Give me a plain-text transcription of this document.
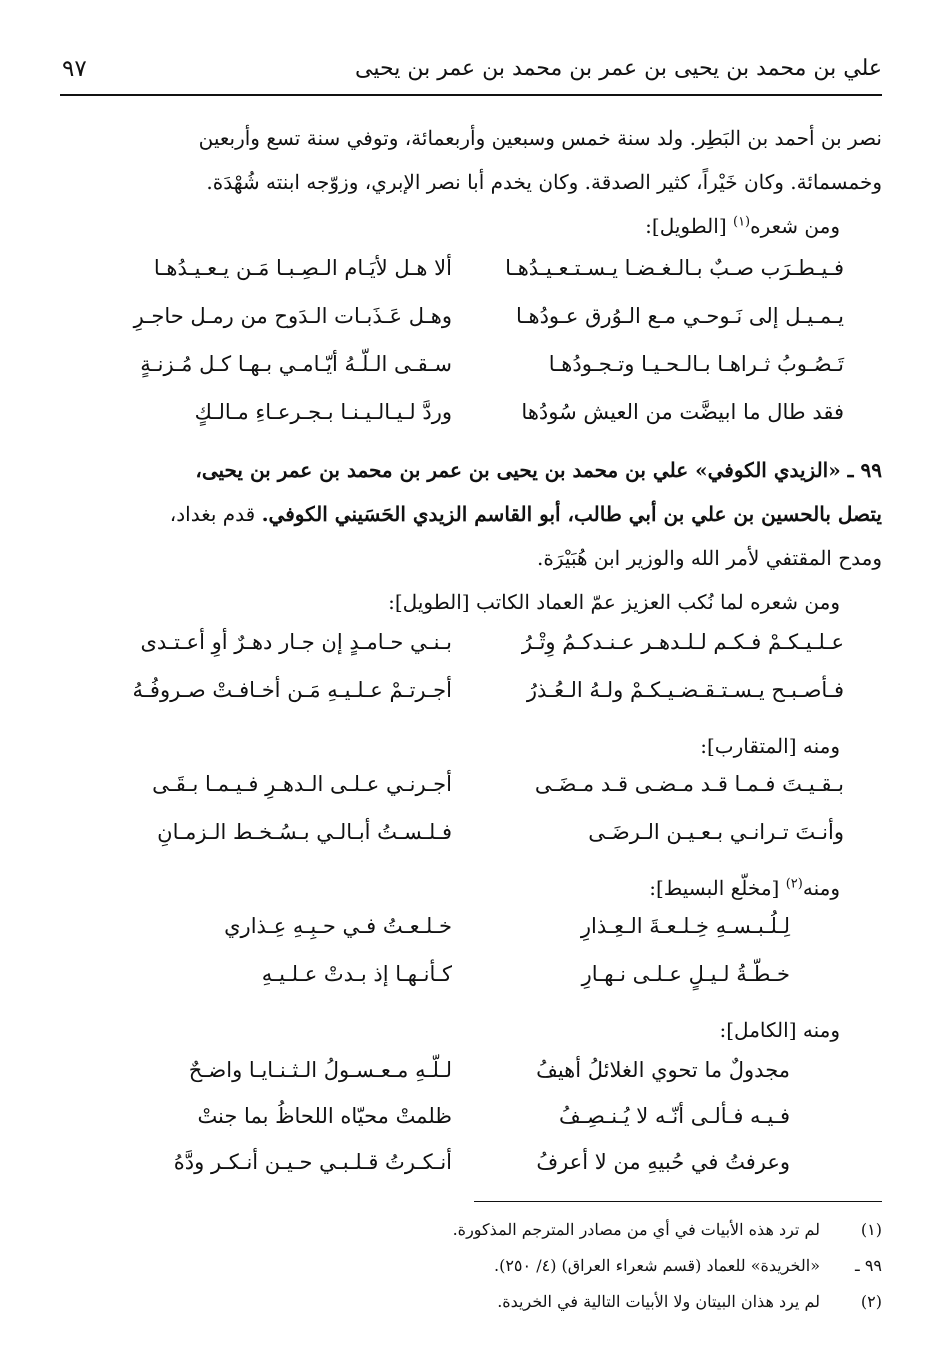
علي بن محمد بن يحيى بن عمر بن محمد بن عمر بن يحيى
٩٧
نصر بن أحمد بن البَطِر. ولد سنة خمس وسبعين وأربعمائة، وتوفي سنة تسع وأربعين
وخمسمائة. وكان خَيْراً، كثير الصدقة. وكان يخدم أبا نصر الإبري، وزوّجه ابنته شُهْدَة.
ومن شعره$^{(١)}$ [الطويل]:
ألا هـل لأيَـام الـصِـبـا مَـن يـعـيـدُهـا	فـيـطـرَب صـبٌ بـالـغـضـا يـسـتـعـيـدُهـا
وهـل عَـذَبـات الـدَوح من رمـل حاجـرِ	يـمـيـل إلى نَـوحـي مـع الـوُرق عـودُهـا
سـقـى الـلّـهُ أيّـامـي بـهـا كـل مُـزنـةٍ	تَـصُـوبُ ثـراهـا بـالـحـيـا وتـجـودُهـا
وردَّ لـيـالـيـنـا بـجـرعـاءِ مـالـكٍ	فقد طال ما ابيضَّت من العيش سُودُها
٩٩ ـ «الزيدي الكوفي» علي بن محمد بن يحيى بن عمر بن محمد بن عمر بن يحيى،
يتصل بالحسين بن علي بن أبي طالب، أبو القاسم الزيدي الحَسَيني الكوفي. قدم بغداد،
ومدح المقتفي لأمر الله والوزير ابن هُبَيْرَة.
ومن شعره لما نُكب العزيز عمّ العماد الكاتب [الطويل]:
بـنـي حـامـدٍ إن جـار دهـرٌ أوِ أعـتـدى	عـلـيـكـمْ فـكـم لـلـدهـر عـنـدكـمُ وِتْـرُ
أجـرتـمْ عـلـيـهِ مَـن أخـافـتْ صـروفُـهُ	فـأصـبـح يـسـتـقـضـيـكـمْ ولـهُ الـعُـذرُ
ومنه [المتقارب]:
أجـرنـي عـلـى الـدهـرِ فـيـمـا بـقَـى	بـقـيـتَ فـمـا قـد مـضـى قـد مـضَـى
فـلـسـتُ أبـالـي بـسُـخـط الـزمـانِ	وأنـتَ تـرانـي بـعـيـن الـرضَـى
ومنه$^{(٢)}$ [مخلّع البسيط]:
خـلـعـتُ فـي حـبِـهِ عِـذاري	لِـلُـبـسـهِ خِـلـعـةَ الـعِـذارِ
كـأنـهـا إذ بـدتْ عـلـيـهِ	خـطّـةُ لـيـلٍ عـلـى نـهـارِ
ومنه [الكامل]:
لـلّـهِ مـعـسـولُ الـثـنـايـا واضـحٌ	مجدولٌ ما تحوي الغلائلُ أهيفُ
ظلمتْ محيّاه اللحاظُ بما جنتْ	فـيـه فـألـى أنّـه لا يُـنـصِـفُ
أنـكـرتُ قـلـبـي حـيـن أنـكـر ودَّهُ	وعرفتُ في حُبيهِ من لا أعرفُ
(١)لم ترد هذه الأبيات في أي من مصادر المترجم المذكورة.
٩٩ ـ«الخريدة» للعماد (قسم شعراء العراق) (٤/ ٢٥٠).
(٢)لم يرد هذان البيتان ولا الأبيات التالية في الخريدة.
